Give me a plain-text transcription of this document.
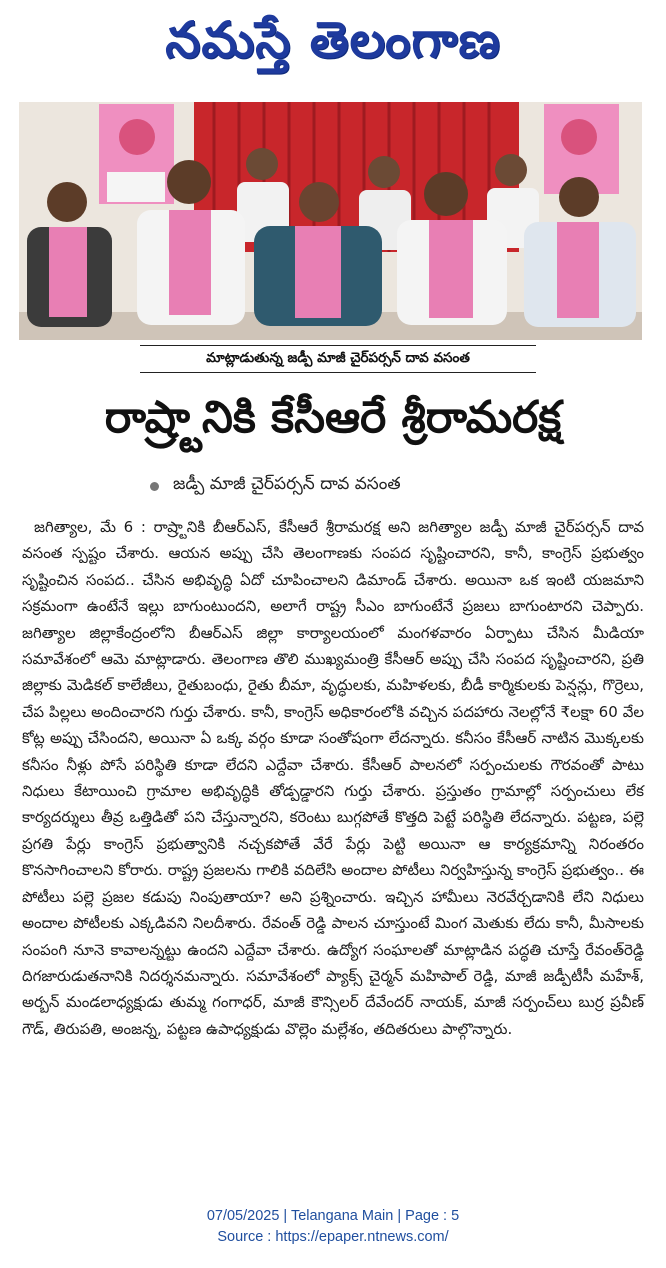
నమస్తే తెలంగాణ
మాట్లాడుతున్న జడ్పీ మాజీ చైర్‌పర్సన్‌ దావ వసంత
రాష్ర్టానికి కేసీఆరే శ్రీరామరక్ష
జడ్పీ మాజీ చైర్‌పర్సన్‌ దావ వసంత

జగిత్యాల, మే 6 : రాష్ర్టానికి బీఆర్‌ఎస్‌, కేసీఆరే శ్రీరామరక్ష అని జగిత్యాల జడ్పీ మాజీ చైర్‌పర్సన్‌ దావ వసంత స్పష్టం చేశారు. ఆయన అప్పు చేసి తెలంగాణకు సంపద సృష్టించారని, కానీ, కాంగ్రెస్‌ ప్రభుత్వం సృష్టించిన సంపద.. చేసిన అభివృద్ధి ఏదో చూపించాలని డిమాండ్‌ చేశారు. అయినా ఒక ఇంటి యజమాని సక్రమంగా ఉంటేనే ఇల్లు బాగుంటుందని, అలాగే రాష్ట్ర సీఎం బాగుంటేనే ప్రజలు బాగుంటారని చెప్పారు. జగిత్యాల జిల్లాకేంద్రంలోని బీఆర్‌ఎస్‌ జిల్లా కార్యాలయంలో మంగళవారం ఏర్పాటు చేసిన మీడియా సమావేశంలో ఆమె మాట్లాడారు. తెలంగాణ తొలి ముఖ్యమంత్రి కేసీఆర్‌ అప్పు చేసి సంపద సృష్టించారని, ప్రతి జిల్లాకు మెడికల్‌ కాలేజీలు, రైతుబంధు, రైతు బీమా, వృద్ధులకు, మహిళలకు, బీడీ కార్మికులకు పెన్షన్లు, గొర్రెలు, చేప పిల్లలు అందించారని గుర్తు చేశారు. కానీ, కాంగ్రెస్‌ అధికారంలోకి వచ్చిన పదహారు నెలల్లోనే ₹లక్షా 60 వేల కోట్ల అప్పు చేసిందని, అయినా ఏ ఒక్క వర్గం కూడా సంతోషంగా లేదన్నారు. కనీసం కేసీఆర్‌ నాటిన మొక్కలకు కనీసం నీళ్లు పోసే పరిస్థితి కూడా లేదని ఎద్దేవా చేశారు. కేసీఆర్‌ పాలనలో సర్పంచులకు గౌరవంతో పాటు నిధులు కేటాయించి గ్రామాల అభివృద్ధికి తోడ్పడ్డారని గుర్తు చేశారు. ప్రస్తుతం గ్రామాల్లో సర్పంచులు లేక కార్యదర్శులు తీవ్ర ఒత్తిడితో పని చేస్తున్నారని, కరెంటు బుగ్గపోతే కొత్తది పెట్టే పరిస్థితి లేదన్నారు. పట్టణ, పల్లె ప్రగతి పేర్లు కాంగ్రెస్‌ ప్రభుత్వానికి నచ్చకపోతే వేరే పేర్లు పెట్టి అయినా ఆ కార్యక్రమాన్ని నిరంతరం కొనసాగించాలని కోరారు. రాష్ట్ర ప్రజలను గాలికి వదిలేసి అందాల పోటీలు నిర్వహిస్తున్న కాంగ్రెస్‌ ప్రభుత్వం.. ఈ పోటీలు పల్లె ప్రజల కడుపు నింపుతాయా? అని ప్రశ్నించారు. ఇచ్చిన హామీలు నెరవేర్చడానికి లేని నిధులు అందాల పోటీలకు ఎక్కడివని నిలదీశారు. రేవంత్‌ రెడ్డి పాలన చూస్తుంటే మింగ మెతుకు లేదు కానీ, మీసాలకు సంపంగి నూనె కావాలన్నట్టు ఉందని ఎద్దేవా చేశారు. ఉద్యోగ సంఘాలతో మాట్లాడిన పద్ధతి చూస్తే రేవంత్‌రెడ్డి దిగజారుడుతనానికి నిదర్శనమన్నారు. సమావేశంలో ప్యాక్స్‌ చైర్మన్‌ మహిపాల్‌ రెడ్డి, మాజీ జడ్పీటీసీ మహేశ్‌, అర్బన్‌ మండలాధ్యక్షుడు తుమ్మ గంగాధర్‌, మాజీ కౌన్సిలర్‌ దేవేందర్‌ నాయక్‌, మాజీ సర్పంచ్‌లు బుర్ర ప్రవీణ్‌ గౌడ్‌, తిరుపతి, అంజన్న, పట్టణ ఉపాధ్యక్షుడు వొల్లెం మల్లేశం, తదితరులు పాల్గొన్నారు.

07/05/2025 | Telangana Main | Page : 5
Source : https://epaper.ntnews.com/
